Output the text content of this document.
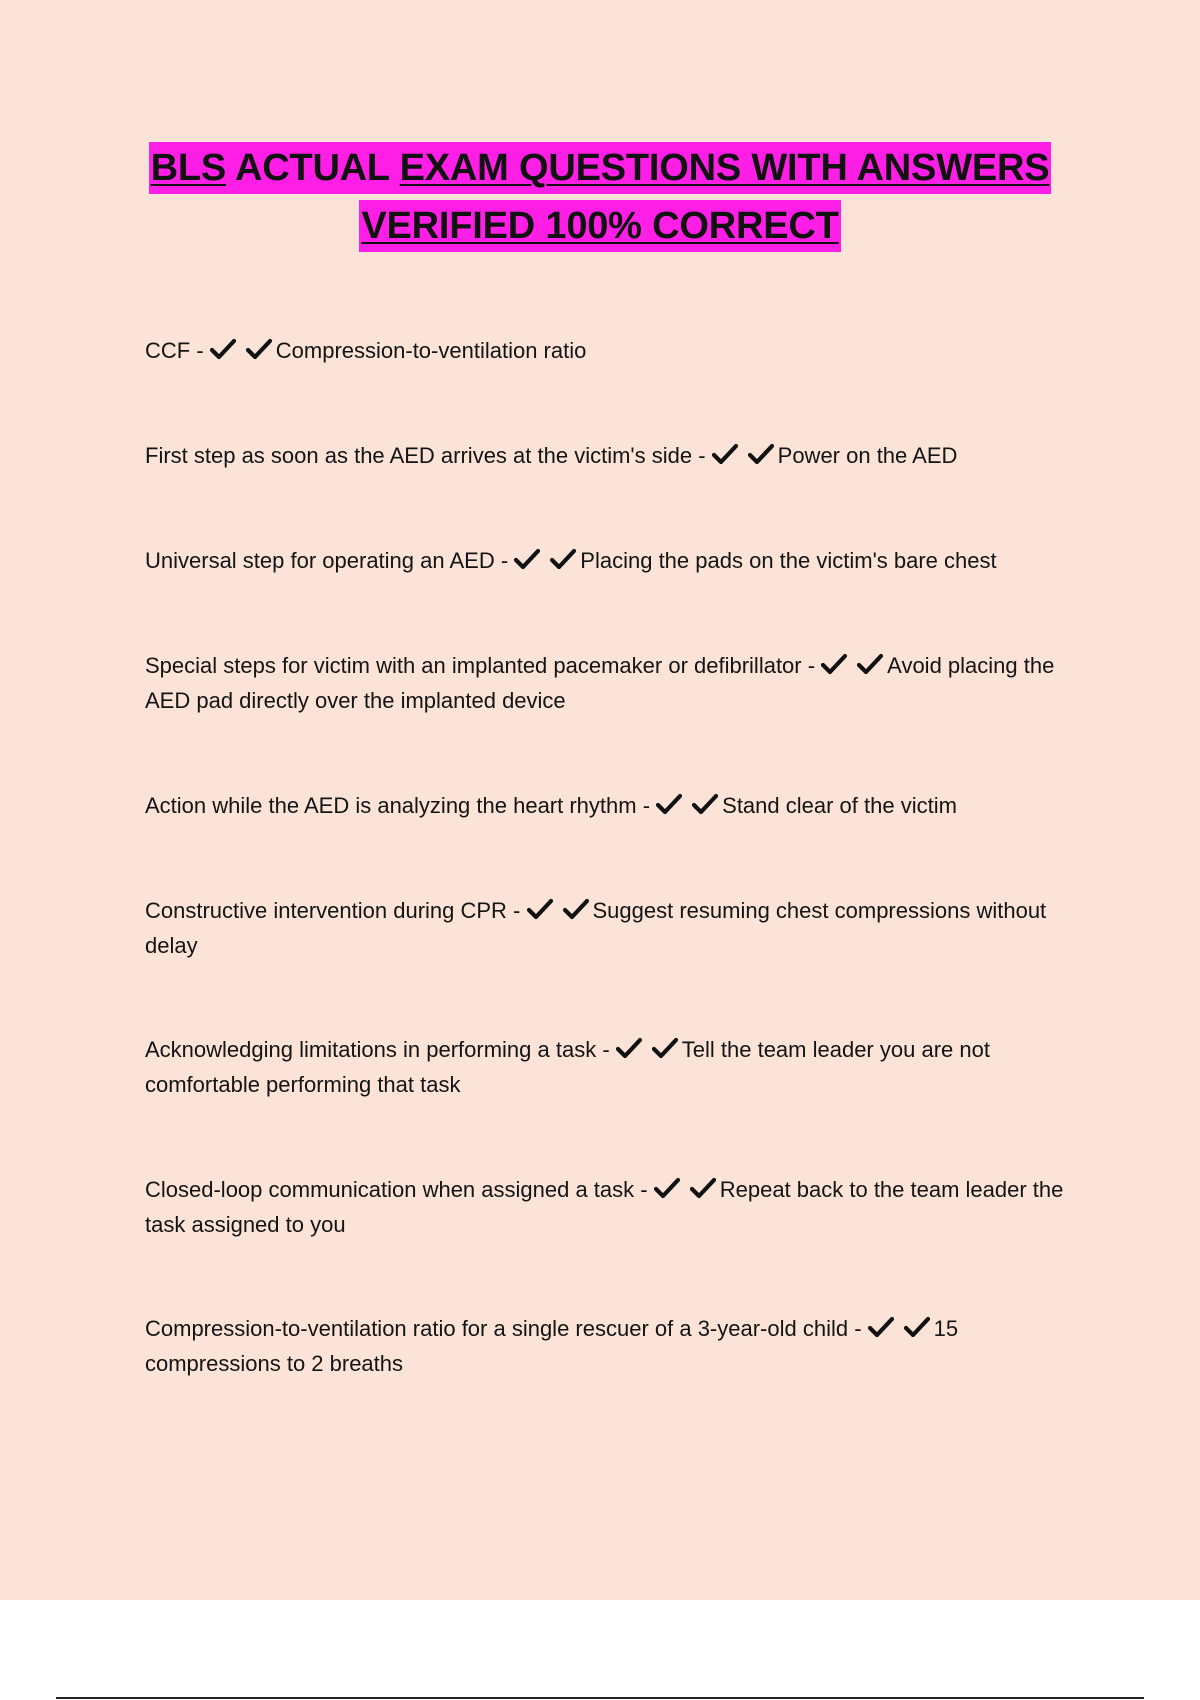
BLS ACTUAL EXAM QUESTIONS WITH ANSWERS
VERIFIED 100% CORRECT
CCF -	Compression-to-ventilation ratio
First step as soon as the AED arrives at the victim's side -	Power on the AED
Universal step for operating an AED -	Placing the pads on the victim's bare chest
Special steps for victim with an implanted pacemaker or defibrillator -	Avoid placing the AED pad directly over the implanted device
Action while the AED is analyzing the heart rhythm -	Stand clear of the victim
Constructive intervention during CPR -	Suggest resuming chest compressions without delay
Acknowledging limitations in performing a task -	Tell the team leader you are not comfortable performing that task
Closed-loop communication when assigned a task -	Repeat back to the team leader the task assigned to you
Compression-to-ventilation ratio for a single rescuer of a 3-year-old child -	15 compressions to 2 breaths
